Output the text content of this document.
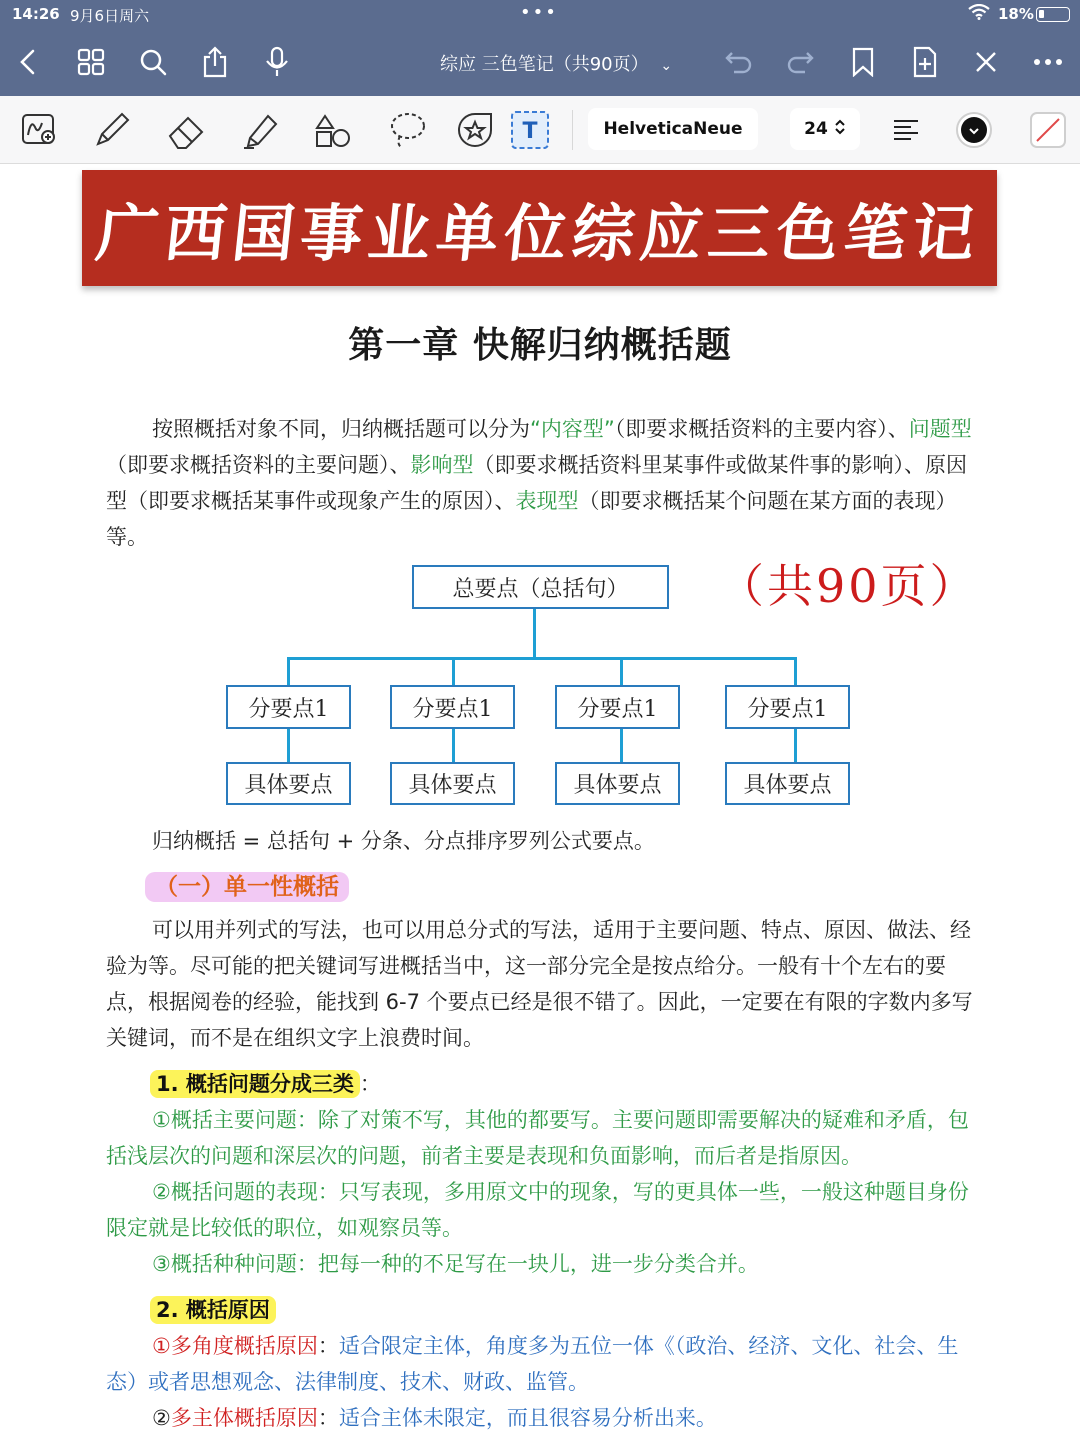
14:26 9月6日周六	•••	18%
综应 三色笔记（共90页） ⌄
T	HelveticaNeue	24
广西国事业单位综应三色笔记
第一章 快解归纳概括题
按照概括对象不同，归纳概括题可以分为“内容型”（即要求概括资料的主要内容）、问题型（即要求概括资料的主要问题）、影响型（即要求概括资料里某事件或做某件事的影响）、原因型（即要求概括某事件或现象产生的原因）、表现型（即要求概括某个问题在某方面的表现）等。
（共90页）
总要点（总括句）
分要点1	分要点1	分要点1	分要点1
具体要点	具体要点	具体要点	具体要点
归纳概括 = 总括句 + 分条、分点排序罗列公式要点。
（一）单一性概括
可以用并列式的写法，也可以用总分式的写法，适用于主要问题、特点、原因、做法、经验为等。尽可能的把关键词写进概括当中，这一部分完全是按点给分。一般有十个左右的要点，根据阅卷的经验，能找到 6-7 个要点已经是很不错了。因此，一定要在有限的字数内多写关键词，而不是在组织文字上浪费时间。
1. 概括问题分成三类 ：
①概括主要问题：除了对策不写，其他的都要写。主要问题即需要解决的疑难和矛盾，包括浅层次的问题和深层次的问题，前者主要是表现和负面影响，而后者是指原因。
②概括问题的表现：只写表现，多用原文中的现象，写的更具体一些，一般这种题目身份限定就是比较低的职位，如观察员等。
③概括种种问题：把每一种的不足写在一块儿，进一步分类合并。
2. 概括原因
①多角度概括原因：适合限定主体，角度多为五位一体《（政治、经济、文化、社会、生态）或者思想观念、法律制度、技术、财政、监管。
②多主体概括原因：适合主体未限定，而且很容易分析出来。
